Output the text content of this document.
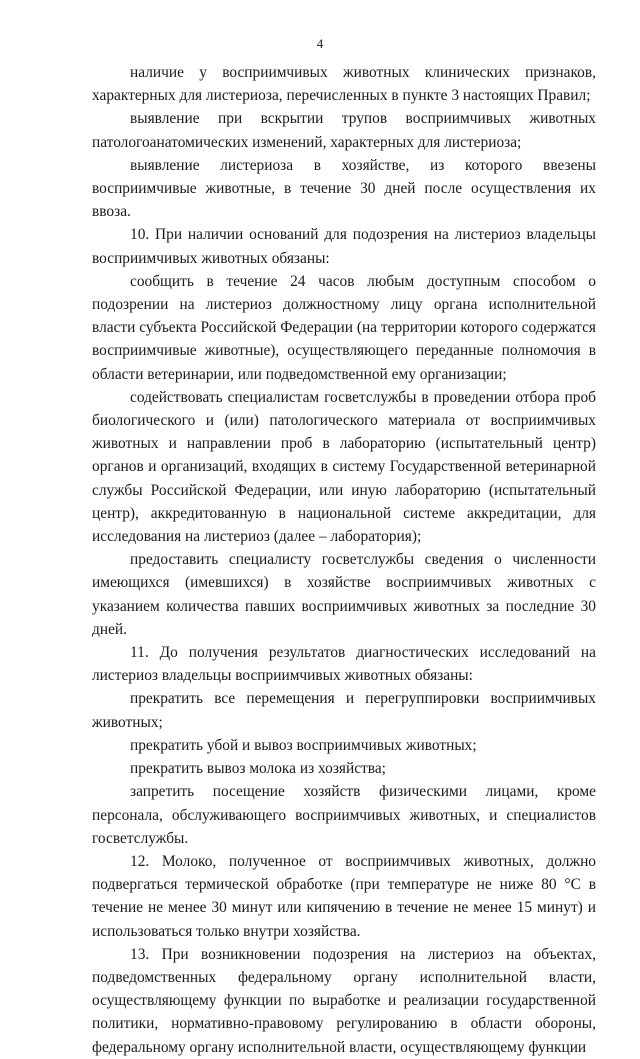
4

наличие у восприимчивых животных клинических признаков, характерных для листериоза, перечисленных в пункте 3 настоящих Правил;

выявление при вскрытии трупов восприимчивых животных патологоанатомических изменений, характерных для листериоза;

выявление листериоза в хозяйстве, из которого ввезены восприимчивые животные, в течение 30 дней после осуществления их ввоза.

10. При наличии оснований для подозрения на листериоз владельцы восприимчивых животных обязаны:

сообщить в течение 24 часов любым доступным способом о подозрении на листериоз должностному лицу органа исполнительной власти субъекта Российской Федерации (на территории которого содержатся восприимчивые животные), осуществляющего переданные полномочия в области ветеринарии, или подведомственной ему организации;

содействовать специалистам госветслужбы в проведении отбора проб биологического и (или) патологического материала от восприимчивых животных и направлении проб в лабораторию (испытательный центр) органов и организаций, входящих в систему Государственной ветеринарной службы Российской Федерации, или иную лабораторию (испытательный центр), аккредитованную в национальной системе аккредитации, для исследования на листериоз (далее – лаборатория);

предоставить специалисту госветслужбы сведения о численности имеющихся (имевшихся) в хозяйстве восприимчивых животных с указанием количества павших восприимчивых животных за последние 30 дней.

11. До получения результатов диагностических исследований на листериоз владельцы восприимчивых животных обязаны:

прекратить все перемещения и перегруппировки восприимчивых животных;

прекратить убой и вывоз восприимчивых животных;

прекратить вывоз молока из хозяйства;

запретить посещение хозяйств физическими лицами, кроме персонала, обслуживающего восприимчивых животных, и специалистов госветслужбы.

12. Молоко, полученное от восприимчивых животных, должно подвергаться термической обработке (при температуре не ниже 80 °C в течение не менее 30 минут или кипячению в течение не менее 15 минут) и использоваться только внутри хозяйства.

13. При возникновении подозрения на листериоз на объектах, подведомственных федеральному органу исполнительной власти, осуществляющему функции по выработке и реализации государственной политики, нормативно-правовому регулированию в области обороны, федеральному органу исполнительной власти, осуществляющему функции
